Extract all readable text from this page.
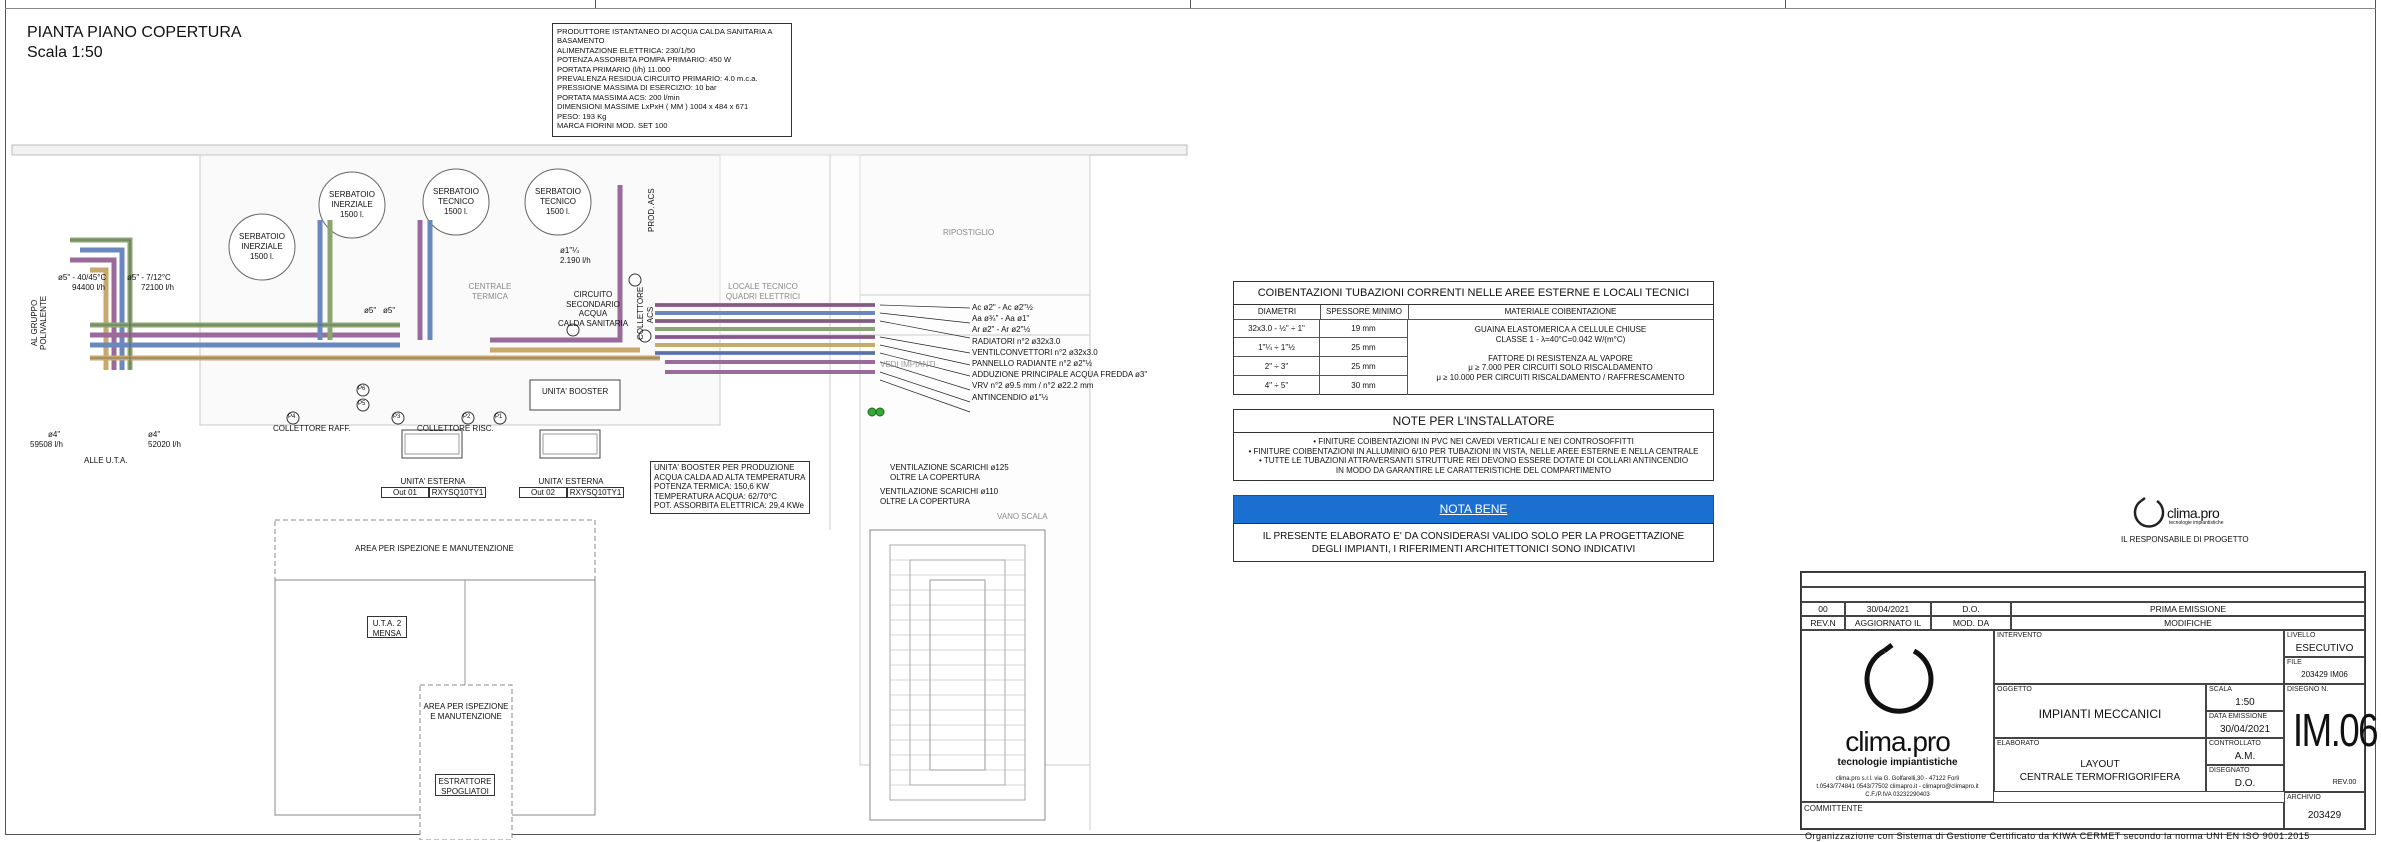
PIANTA PIANO COPERTURA
Scala 1:50
PRODUTTORE ISTANTANEO DI ACQUA CALDA SANITARIA A
BASAMENTO
ALIMENTAZIONE ELETTRICA: 230/1/50
POTENZA ASSORBITA POMPA PRIMARIO: 450 W
PORTATA PRIMARIO (l/h) 11.000
PREVALENZA RESIDUA CIRCUITO PRIMARIO: 4.0 m.c.a.
PRESSIONE MASSIMA DI ESERCIZIO: 10 bar
PORTATA MASSIMA ACS: 200 l/min
DIMENSIONI MASSIME LxPxH ( MM ) 1004 x 484 x 671
PESO: 193 Kg
MARCA FIORINI MOD. SET 100
SERBATOIO
INERZIALE
1500 l.
SERBATOIO
INERZIALE
1500 l.
SERBATOIO
TECNICO
1500 l.
SERBATOIO
TECNICO
1500 l.
RIPOSTIGLIO
CENTRALE
TERMICA
LOCALE TECNICO
QUADRI ELETTRICI
VEDI IMPIANTI
VANO SCALA
ø5" - 40/45°C
94400 l/h
ø5" - 7/12°C
72100 l/h
AL GRUPPO POLIVALENTE	ø5" ø5"
ø1"¼
2.190 l/h
CIRCUITO
SECONDARIO ACQUA
CALDA SANITARIA COLLETTORE ACS
PROD. ACS
UNITA' BOOSTER
COLLETTORE RAFF.	COLLETTORE RISC.
ø4"
59508 l/h
ø4"
52020 l/h
ALLE U.T.A.
UNITA' ESTERNA
Out 01	RXYSQ10TY1
UNITA' ESTERNA
Out 02	RXYSQ10TY1
UNITA' BOOSTER PER PRODUZIONE
ACQUA CALDA AD ALTA TEMPERATURA
POTENZA TERMICA: 150,6 KW
TEMPERATURA ACQUA: 62/70°C
POT. ASSORBITA ELETTRICA: 29,4 KWe
VENTILAZIONE SCARICHI ø125
OLTRE LA COPERTURA
VENTILAZIONE SCARICHI ø110
OLTRE LA COPERTURA
Ac ø2" - Ac ø2"½
Aa ø¾" - Aa ø1"
Ar ø2" - Ar ø2"½
RADIATORI n°2 ø32x3.0
VENTILCONVETTORI n°2 ø32x3.0
PANNELLO RADIANTE n°2 ø2"½
ADDUZIONE PRINCIPALE ACQUA FREDDA ø3"
VRV n°2 ø9.5 mm / n°2 ø22.2 mm
ANTINCENDIO ø1"½
AREA PER ISPEZIONE E MANUTENZIONE
U.T.A. 2
MENSA
AREA PER ISPEZIONE
E MANUTENZIONE
ESTRATTORE
SPOGLIATOI
P4
P6
P5
P3	P2	P1
COIBENTAZIONI TUBAZIONI CORRENTI NELLE AREE ESTERNE E LOCALI TECNICI
DIAMETRI	SPESSORE MINIMO	MATERIALE COIBENTAZIONE
32x3.0 - ½" ÷ 1"	19 mm
1"¼ ÷ 1"½	25 mm
2" ÷ 3"	25 mm
4" ÷ 5"	30 mm
GUAINA ELASTOMERICA A CELLULE CHIUSE
CLASSE 1 - λ=40°C=0.042 W/(m°C)

FATTORE DI RESISTENZA AL VAPORE
μ ≥ 7.000 PER CIRCUITI SOLO RISCALDAMENTO
μ ≥ 10.000 PER CIRCUITI RISCALDAMENTO / RAFFRESCAMENTO
NOTE PER L'INSTALLATORE
• FINITURE COIBENTAZIONI IN PVC NEI CAVEDI VERTICALI E NEI CONTROSOFFITTI
• FINITURE COIBENTAZIONI IN ALLUMINIO 6/10 PER TUBAZIONI IN VISTA, NELLE AREE ESTERNE E NELLA CENTRALE
• TUTTE LE TUBAZIONI ATTRAVERSANTI STRUTTURE REI DEVONO ESSERE DOTATE DI COLLARI ANTINCENDIO
IN MODO DA GARANTIRE LE CARATTERISTICHE DEL COMPARTIMENTO
NOTA BENE
IL PRESENTE ELABORATO E' DA CONSIDERASI VALIDO SOLO PER LA PROGETTAZIONE
DEGLI IMPIANTI, I RIFERIMENTI ARCHITETTONICI SONO INDICATIVI
clima.pro
tecnologie impiantistiche
IL RESPONSABILE DI PROGETTO
00	30/04/2021	D.O.	PRIMA EMISSIONE
REV.N	AGGIORNATO IL	MOD. DA	MODIFICHE
clima.pro
tecnologie impiantistiche
clima.pro s.r.l. via G. Golfarelli,30 - 47122 Forlì
t.0543/774841 0543/77502 climapro.it - climapro@climapro.it
C.F./P.IVA 03232290403
INTERVENTO	LIVELLO
ESECUTIVO
FILE
203429 IM06
OGGETTO
IMPIANTI MECCANICI
SCALA
1:50
DATA EMISSIONE
30/04/2021
DISEGNO N.
IM.06
REV.00
ELABORATO
LAYOUT
CENTRALE TERMOFRIGORIFERA
CONTROLLATO
A.M.
DISEGNATO
D.O.
COMMITTENTE
ARCHIVIO
203429
Organizzazione con Sistema di Gestione Certificato da KIWA CERMET secondo la norma UNI EN ISO 9001:2015
